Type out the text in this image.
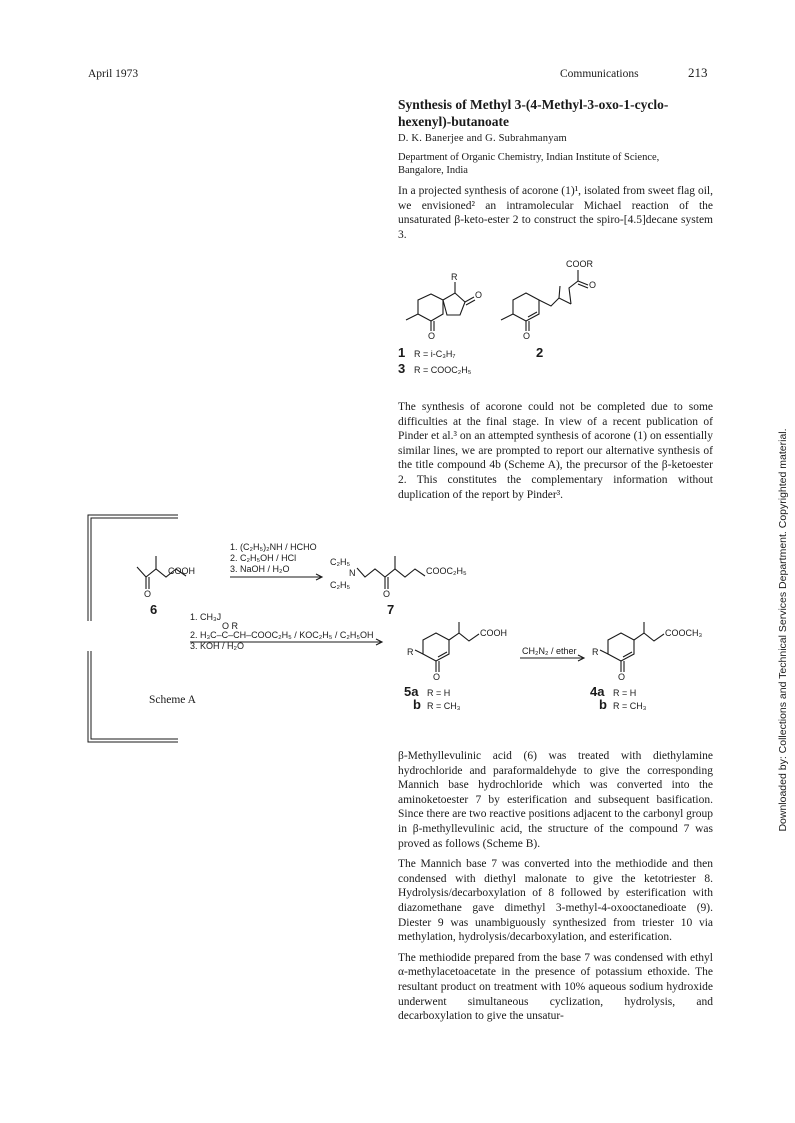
April 1973	Communications	213
Synthesis of Methyl 3-(4-Methyl-3-oxo-1-cyclo-
hexenyl)-butanoate
D. K. Banerjee and G. Subrahmanyam
Department of Organic Chemistry, Indian Institute of Science,
Bangalore, India
In a projected synthesis of acorone (1)¹, isolated from sweet flag oil, we envisioned² an intramolecular Michael reaction of the unsaturated β-keto-ester 2 to construct the spiro-[4.5]decane system 3.
COOR
R
O
O
O
O
1 R = i-C₃H₇	2
3 R = COOC₂H₅
The synthesis of acorone could not be completed due to some difficulties at the final stage. In view of a recent publication of Pinder et al.³ on an attempted synthesis of acorone (1) on essentially similar lines, we are prompted to report our alternative synthesis of the title compound 4b (Scheme A), the precursor of the β-ketoester 2. This constitutes the complementary information without duplication of the report by Pinder³.
1. (C₂H₅)₂NH / HCHO
2. C₂H₅OH / HCl
3. NaOH / H₂O
COOH
O
6
C₂H₅
N
C₂H₅
COOC₂H₅
O
7
1. CH₃J
O R
2. H₃C–C–CH–COOC₂H₅ / KOC₂H₅ / C₂H₅OH
3. KOH / H₂O
COOH
R
O
CH₂N₂ / ether
COOCH₃
R
O
5a R = H
b R = CH₃
4a R = H
b R = CH₃
Scheme A

β-Methyllevulinic acid (6) was treated with diethylamine hydrochloride and paraformaldehyde to give the corresponding Mannich base hydrochloride which was converted into the aminoketoester 7 by esterification and subsequent basification. Since there are two reactive positions adjacent to the carbonyl group in β-methyllevulinic acid, the structure of the compound 7 was proved as follows (Scheme B).

The Mannich base 7 was converted into the methiodide and then condensed with diethyl malonate to give the ketotriester 8. Hydrolysis/decarboxylation of 8 followed by esterification with diazomethane gave dimethyl 3-methyl-4-oxooctanedioate (9). Diester 9 was unambiguously synthesized from triester 10 via methylation, hydrolysis/decarboxylation, and esterification.

The methiodide prepared from the base 7 was condensed with ethyl α-methylacetoacetate in the presence of potassium ethoxide. The resultant product on treatment with 10% aqueous sodium hydroxide underwent simultaneous cyclization, hydrolysis, and decarboxylation to give the unsatur-

Downloaded by: Collections and Technical Services Department. Copyrighted material.
